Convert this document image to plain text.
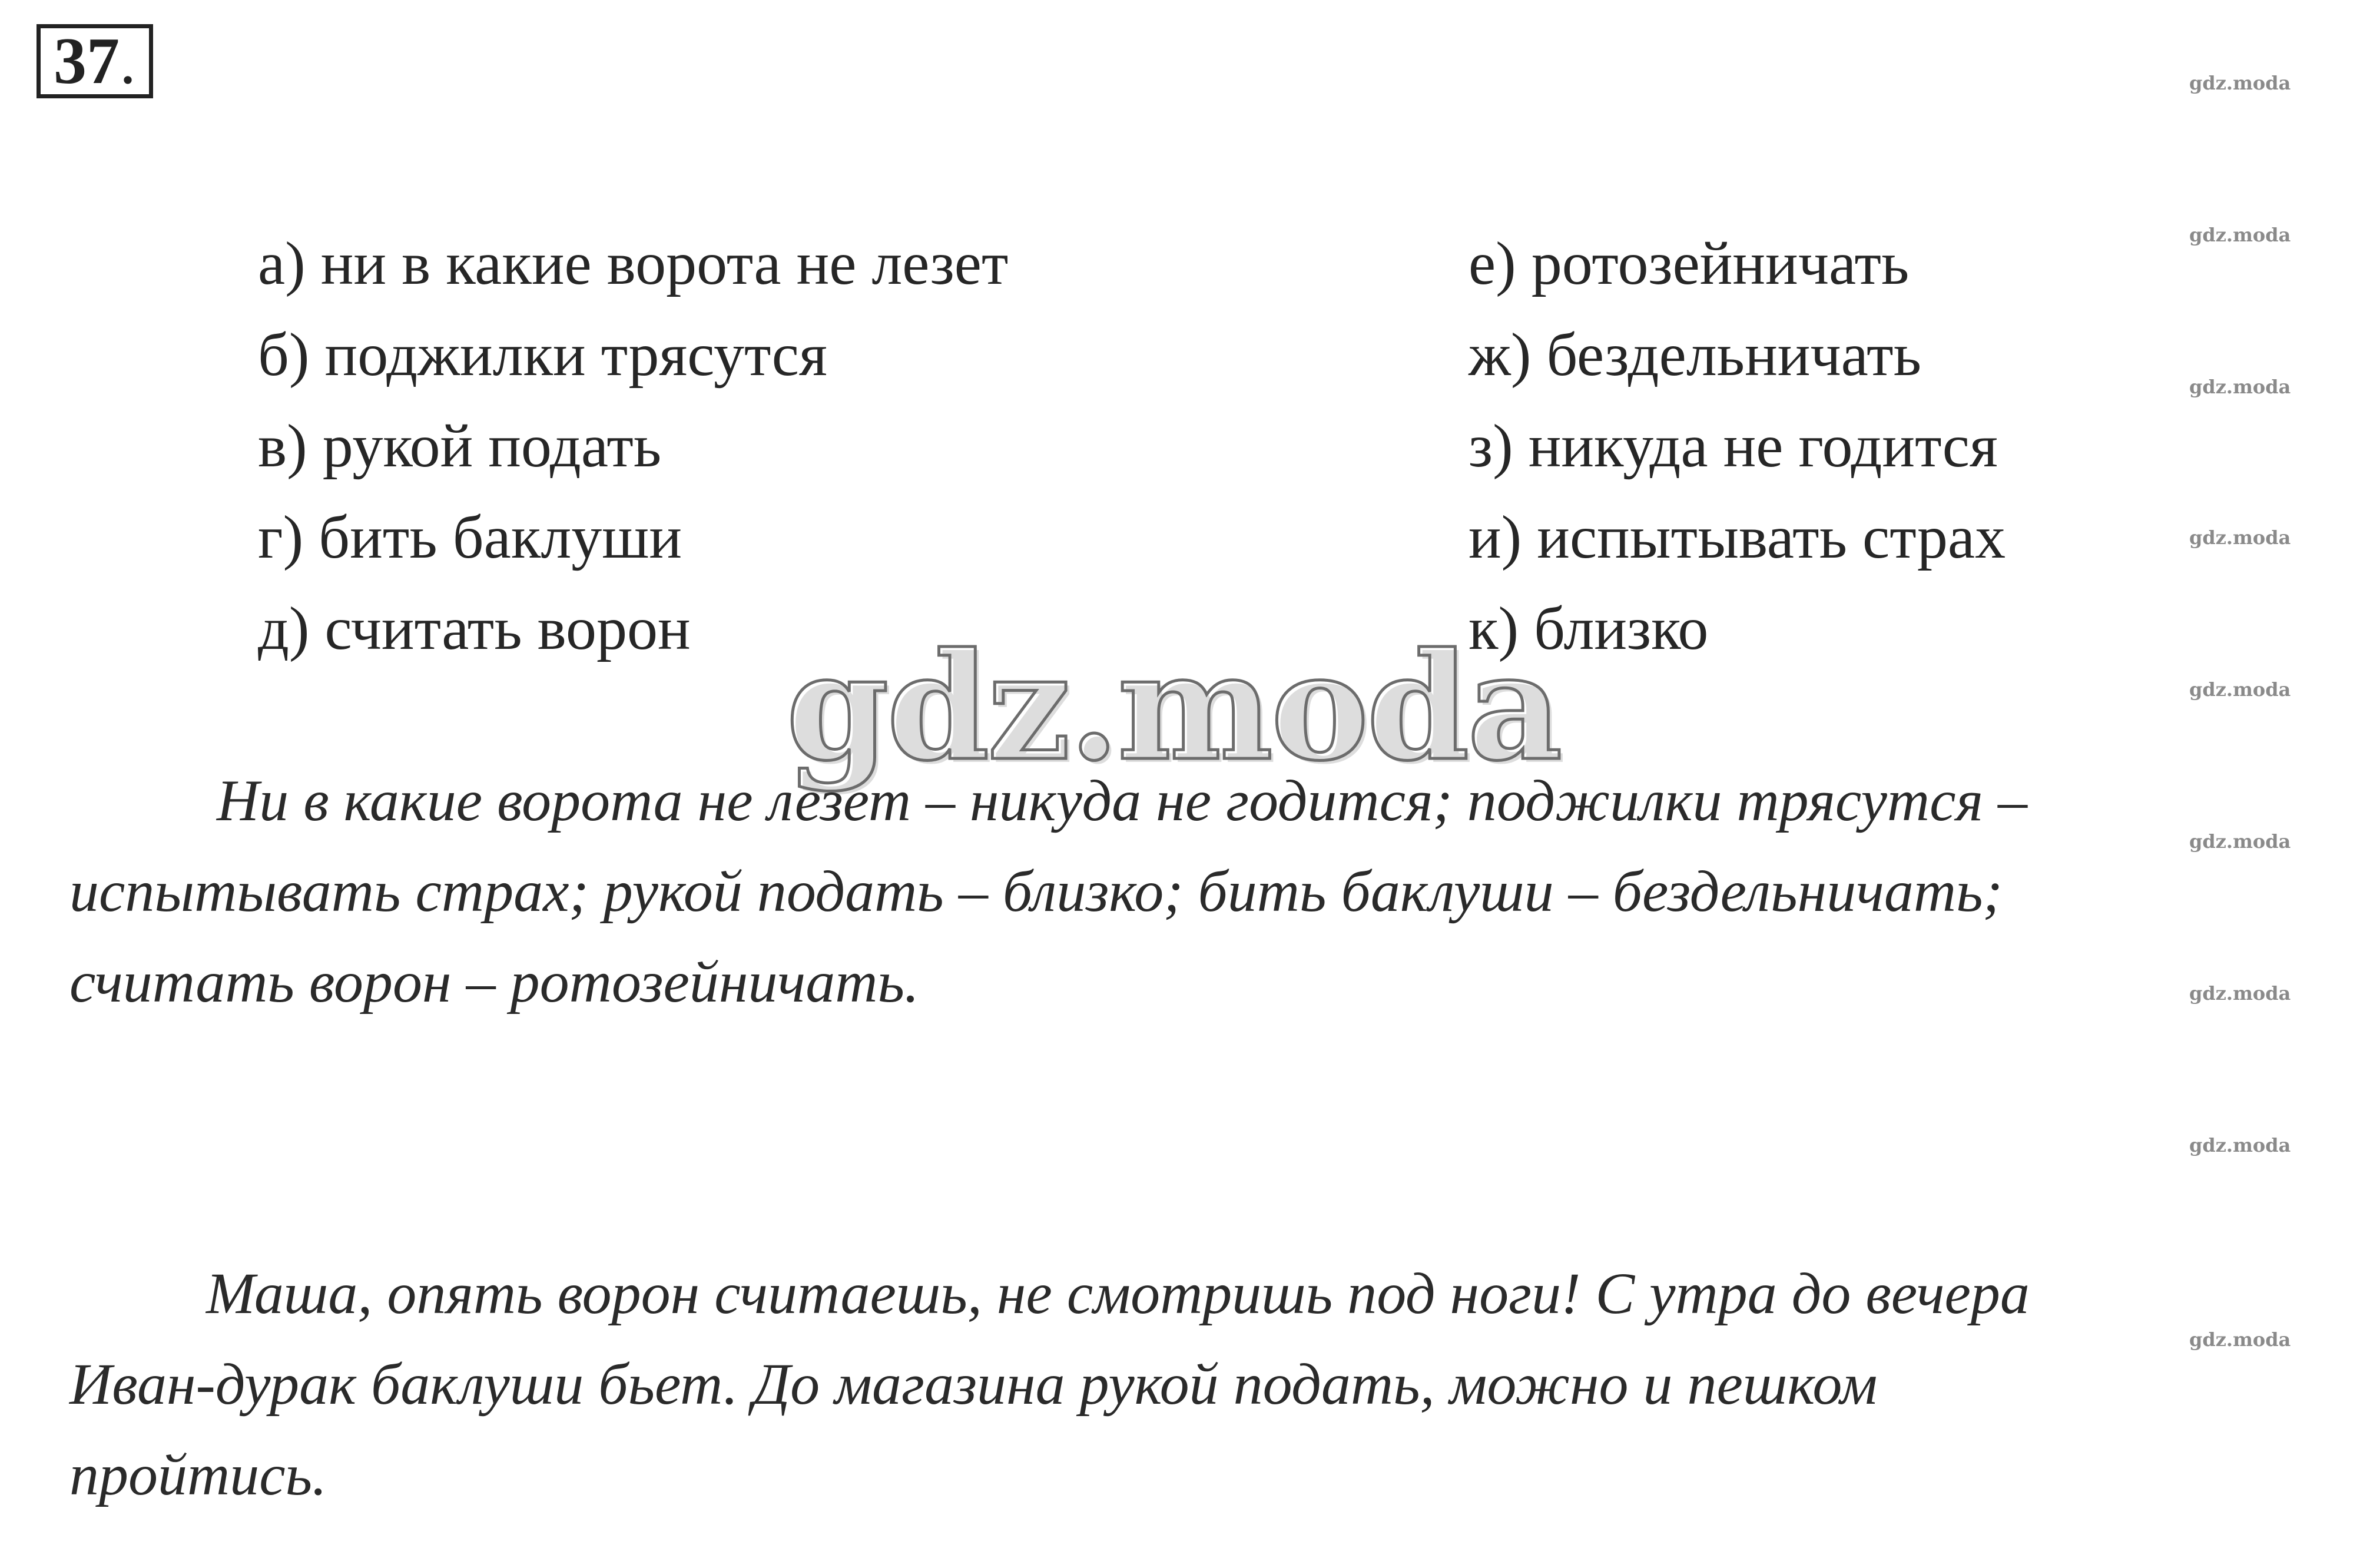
37.
а) ни в какие ворота не лезет
б) поджилки трясутся
в) рукой подать
г) бить баклуши
д) считать ворон
е) ротозейничать
ж) бездельничать
з) никуда не годится
и) испытывать страх
к) близко
gdz.moda
Ни в какие ворота не лезет – никуда не годится; поджилки трясутся –
испытывать страх; рукой подать – близко; бить баклуши – бездельничать;
считать ворон – ротозейничать.
Маша, опять ворон считаешь, не смотришь под ноги! С утра до вечера
Иван-дурак баклуши бьет. До магазина рукой подать, можно и пешком
пройтись.
gdz.moda
gdz.moda
gdz.moda
gdz.moda
gdz.moda
gdz.moda
gdz.moda
gdz.moda
gdz.moda
